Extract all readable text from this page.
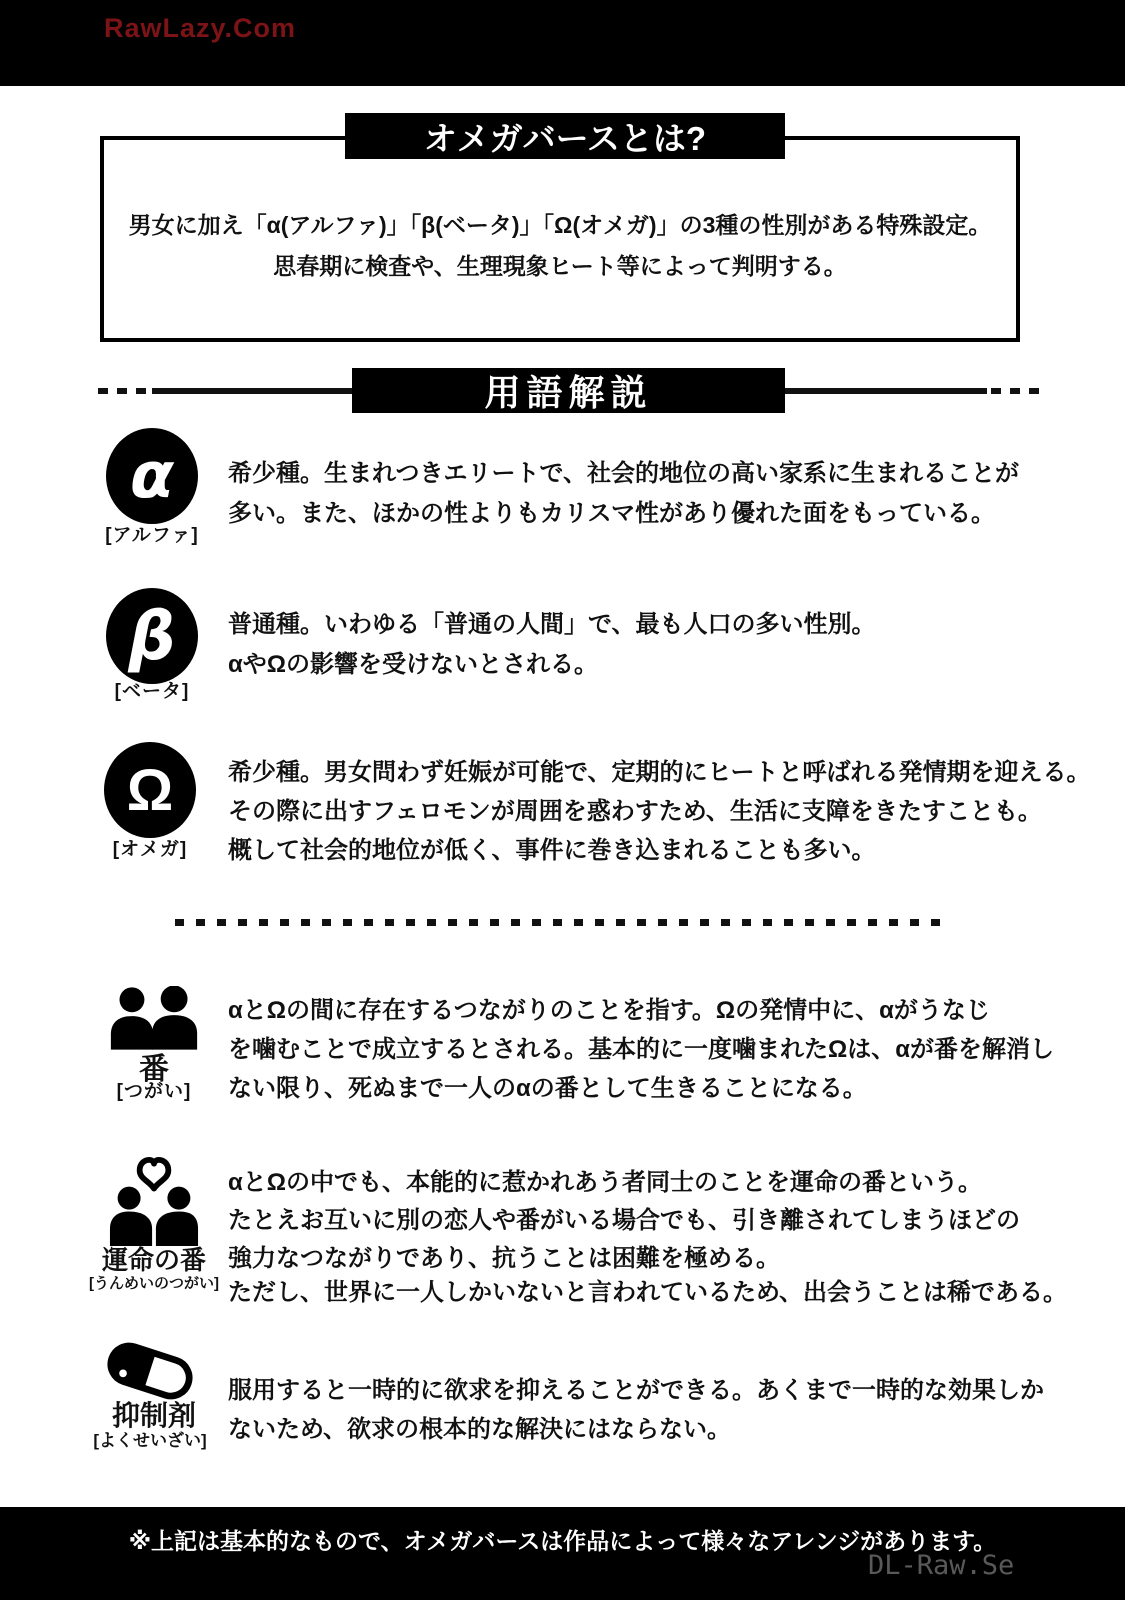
RawLazy.Com
オメガバースとは?
男女に加え「α(アルファ)」「β(ベータ)」「Ω(オメガ)」の3種の性別がある特殊設定。
思春期に検査や、生理現象ヒート等によって判明する。
用語解説
α
[アルファ]
希少種。生まれつきエリートで、社会的地位の高い家系に生まれることが
多い。また、ほかの性よりもカリスマ性があり優れた面をもっている。
β
[ベータ]
普通種。いわゆる「普通の人間」で、最も人口の多い性別。
αやΩの影響を受けないとされる。
Ω
[オメガ]
希少種。男女問わず妊娠が可能で、定期的にヒートと呼ばれる発情期を迎える。
その際に出すフェロモンが周囲を惑わすため、生活に支障をきたすことも。
概して社会的地位が低く、事件に巻き込まれることも多い。
番
[つがい]
αとΩの間に存在するつながりのことを指す。Ωの発情中に、αがうなじ
を噛むことで成立するとされる。基本的に一度噛まれたΩは、αが番を解消し
ない限り、死ぬまで一人のαの番として生きることになる。
運命の番
[うんめいのつがい]
αとΩの中でも、本能的に惹かれあう者同士のことを運命の番という。
たとえお互いに別の恋人や番がいる場合でも、引き離されてしまうほどの
強力なつながりであり、抗うことは困難を極める。
ただし、世界に一人しかいないと言われているため、出会うことは稀である。
抑制剤
[よくせいざい]
服用すると一時的に欲求を抑えることができる。あくまで一時的な効果しか
ないため、欲求の根本的な解決にはならない。
※上記は基本的なもので、オメガバースは作品によって様々なアレンジがあります。
DL-Raw.Se
